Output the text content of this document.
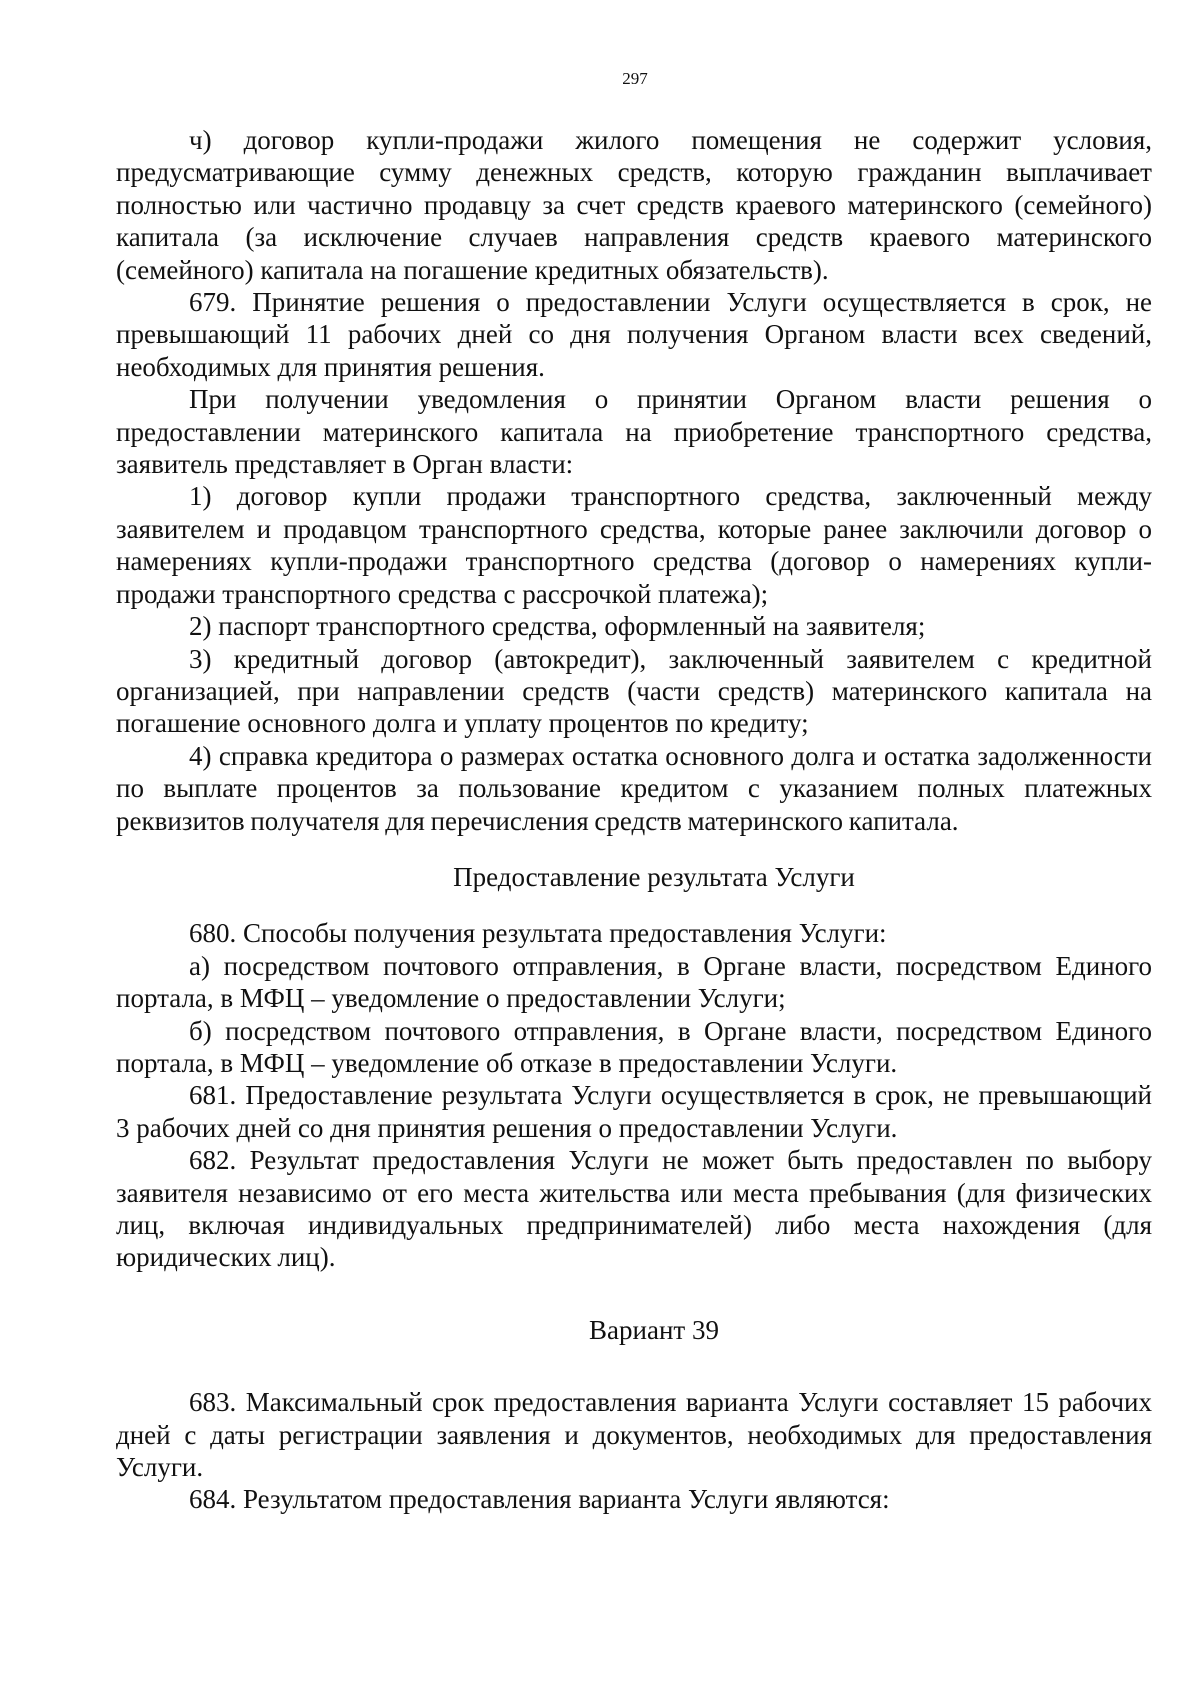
297

ч) договор купли-продажи жилого помещения не содержит условия, предусматривающие сумму денежных средств, которую гражданин выплачивает полностью или частично продавцу за счет средств краевого материнского (семейного) капитала (за исключение случаев направления средств краевого материнского (семейного) капитала на погашение кредитных обязательств).

679. Принятие решения о предоставлении Услуги осуществляется в срок, не превышающий 11 рабочих дней со дня получения Органом власти всех сведений, необходимых для принятия решения.

При получении уведомления о принятии Органом власти решения о предоставлении материнского капитала на приобретение транспортного средства, заявитель представляет в Орган власти:

1) договор купли продажи транспортного средства, заключенный между заявителем и продавцом транспортного средства, которые ранее заключили договор о намерениях купли-продажи транспортного средства (договор о намерениях купли-продажи транспортного средства с рассрочкой платежа);

2) паспорт транспортного средства, оформленный на заявителя;

3) кредитный договор (автокредит), заключенный заявителем с кредитной организацией, при направлении средств (части средств) материнского капитала на погашение основного долга и уплату процентов по кредиту;

4) справка кредитора о размерах остатка основного долга и остатка задолженности по выплате процентов за пользование кредитом с указанием полных платежных реквизитов получателя для перечисления средств материнского капитала.

Предоставление результата Услуги

680. Способы получения результата предоставления Услуги:

а) посредством почтового отправления, в Органе власти, посредством Единого портала, в МФЦ – уведомление о предоставлении Услуги;

б) посредством почтового отправления, в Органе власти, посредством Единого портала, в МФЦ – уведомление об отказе в предоставлении Услуги.

681. Предоставление результата Услуги осуществляется в срок, не превышающий 3 рабочих дней со дня принятия решения о предоставлении Услуги.

682. Результат предоставления Услуги не может быть предоставлен по выбору заявителя независимо от его места жительства или места пребывания (для физических лиц, включая индивидуальных предпринимателей) либо места нахождения (для юридических лиц).

Вариант 39

683. Максимальный срок предоставления варианта Услуги составляет 15 рабочих дней с даты регистрации заявления и документов, необходимых для предоставления Услуги.

684. Результатом предоставления варианта Услуги являются:
